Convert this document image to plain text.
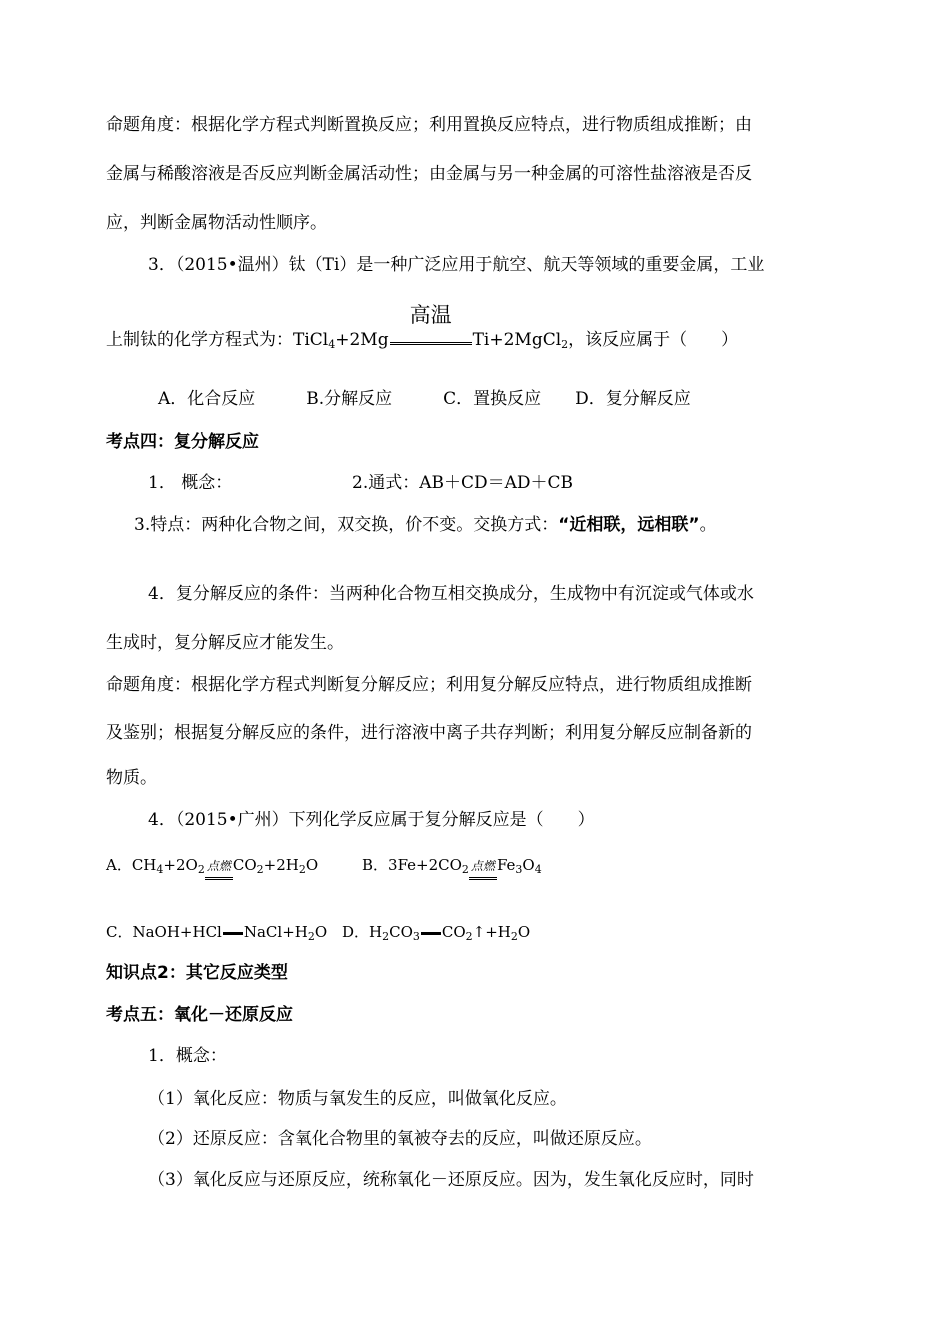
命题角度：根据化学方程式判断置换反应；利用置换反应特点，进行物质组成推断；由
金属与稀酸溶液是否反应判断金属活动性；由金属与另一种金属的可溶性盐溶液是否反
应，判断金属物活动性顺序。
3．（2015•温州）钛（Ti）是一种广泛应用于航空、航天等领域的重要金属，工业
上制钛的化学方程式为：TiCl$_4$+2Mg
高温
Ti+2MgCl$_2$，该反应属于（　　）
A．化合反应　　　B.分解反应　　　C．置换反应　　D．复分解反应
考点四：复分解反应
1． 概念：	2.通式：AB＋CD＝AD＋CB
3.特点：两种化合物之间，双交换，价不变。交换方式：“近相联，远相联”。
4．复分解反应的条件：当两种化合物互相交换成分，生成物中有沉淀或气体或水
生成时，复分解反应才能发生。
命题角度：根据化学方程式判断复分解反应；利用复分解反应特点，进行物质组成推断
及鉴别；根据复分解反应的条件，进行溶液中离子共存判断；利用复分解反应制备新的
物质。
4．（2015•广州）下列化学反应属于复分解反应是（　　）
A．$CH_4+2O_2$ 点燃 $CO_2+2H_2O$	B．$3Fe+2CO_2$ 点燃 $Fe_3O_4$
C．NaOH+HCl $NaCl+H_2O$ D．$H_2CO_3$ $CO_2↑+H_2O$
知识点2：其它反应类型
考点五：氧化－还原反应
1．概念：
（1）氧化反应：物质与氧发生的反应，叫做氧化反应。
（2）还原反应：含氧化合物里的氧被夺去的反应，叫做还原反应。
（3）氧化反应与还原反应，统称氧化－还原反应。因为，发生氧化反应时，同时
